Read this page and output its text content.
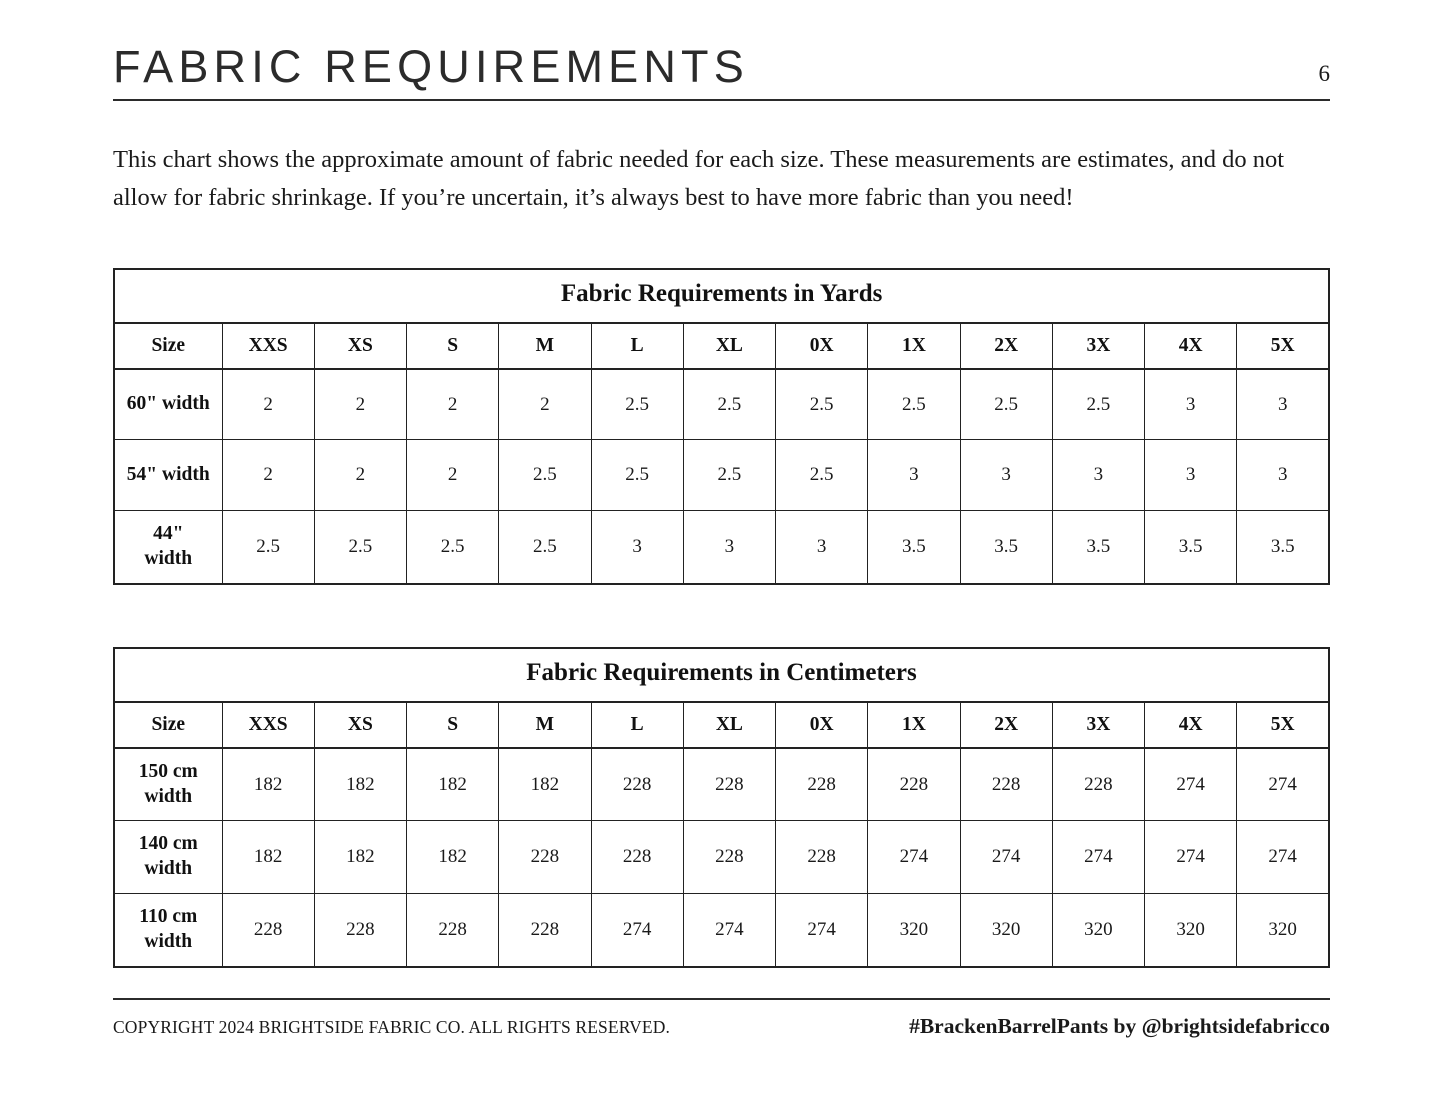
FABRIC REQUIREMENTS	6

This chart shows the approximate amount of fabric needed for each size. These measurements are estimates, and do not allow for fabric shrinkage. If you’re uncertain, it’s always best to have more fabric than you need!

Fabric Requirements in Yards												
Size	XXS	XS	S	M	L	XL	0X	1X	2X	3X	4X	5X

60" width	2	2	2	2	2.5	2.5	2.5	2.5	2.5	2.5	3	3

54" width	2	2	2	2.5	2.5	2.5	2.5	3	3	3	3	3

44"
width	2.5	2.5	2.5	2.5	3	3	3	3.5	3.5	3.5	3.5	3.5
Fabric Requirements in Centimeters												
Size	XXS	XS	S	M	L	XL	0X	1X	2X	3X	4X	5X

150 cm
width	182	182	182	182	228	228	228	228	228	228	274	274

140 cm
width	182	182	182	228	228	228	228	274	274	274	274	274

110 cm
width	228	228	228	228	274	274	274	320	320	320	320	320
COPYRIGHT 2024 BRIGHTSIDE FABRIC CO. ALL RIGHTS RESERVED.	#BrackenBarrelPants by @brightsidefabricco
